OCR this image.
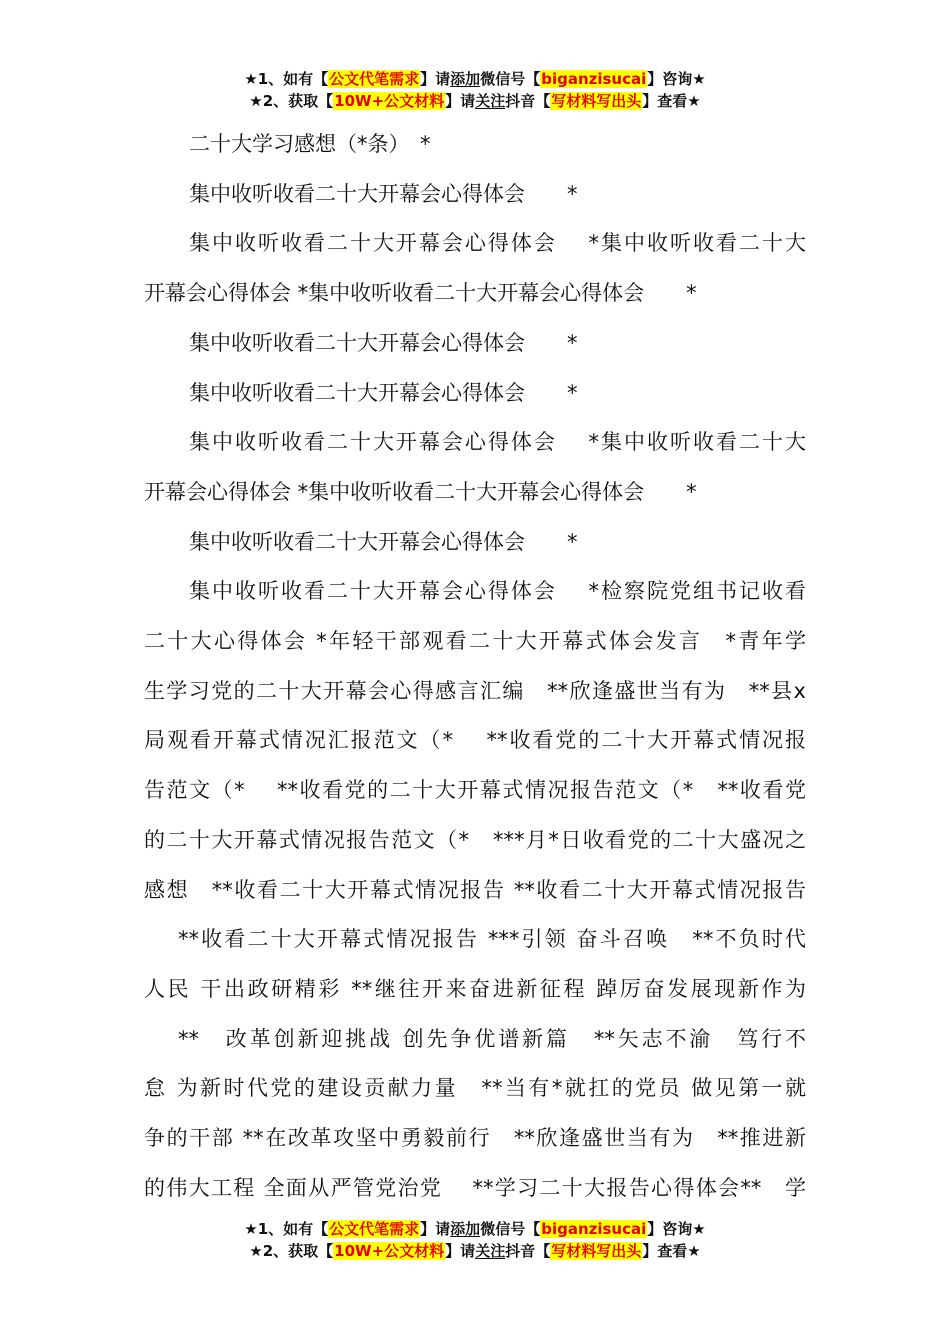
★1、如有【公文代笔需求】请添加微信号【biganzisucai】咨询★
★2、获取【10W+公文材料】请关注抖音【写材料写出头】查看★

二十大学习感想（*条）　*

集中收听收看二十大开幕会心得体会　　*

集中收听收看二十大开幕会心得体会　 *集中收听收看二十大

开幕会心得体会 *集中收听收看二十大开幕会心得体会　　*

集中收听收看二十大开幕会心得体会　　*

集中收听收看二十大开幕会心得体会　　*

集中收听收看二十大开幕会心得体会　 *集中收听收看二十大

开幕会心得体会 *集中收听收看二十大开幕会心得体会　　*

集中收听收看二十大开幕会心得体会　　*

集中收听收看二十大开幕会心得体会　 *检察院党组书记收看

二十大心得体会 *年轻干部观看二十大开幕式体会发言　*青年学

生学习党的二十大开幕会心得感言汇编　**欣逢盛世当有为　**县x

局观看开幕式情况汇报范文（*　 **收看党的二十大开幕式情况报

告范文（*　 **收看党的二十大开幕式情况报告范文（*　**收看党

的二十大开幕式情况报告范文（*　***月*日收看党的二十大盛况之

感想　**收看二十大开幕式情况报告 **收看二十大开幕式情况报告

**收看二十大开幕式情况报告 ***引领 奋斗召唤　**不负时代

人民 干出政研精彩 **继往开来奋进新征程 踔厉奋发展现新作为

**　改革创新迎挑战 创先争优谱新篇　**矢志不渝　笃行不

怠 为新时代党的建设贡献力量　**当有*就扛的党员 做见第一就

争的干部 **在改革攻坚中勇毅前行　**欣逢盛世当有为　**推进新

的伟大工程 全面从严管党治党　 **学习二十大报告心得体会**　学

★1、如有【公文代笔需求】请添加微信号【biganzisucai】咨询★
★2、获取【10W+公文材料】请关注抖音【写材料写出头】查看★
